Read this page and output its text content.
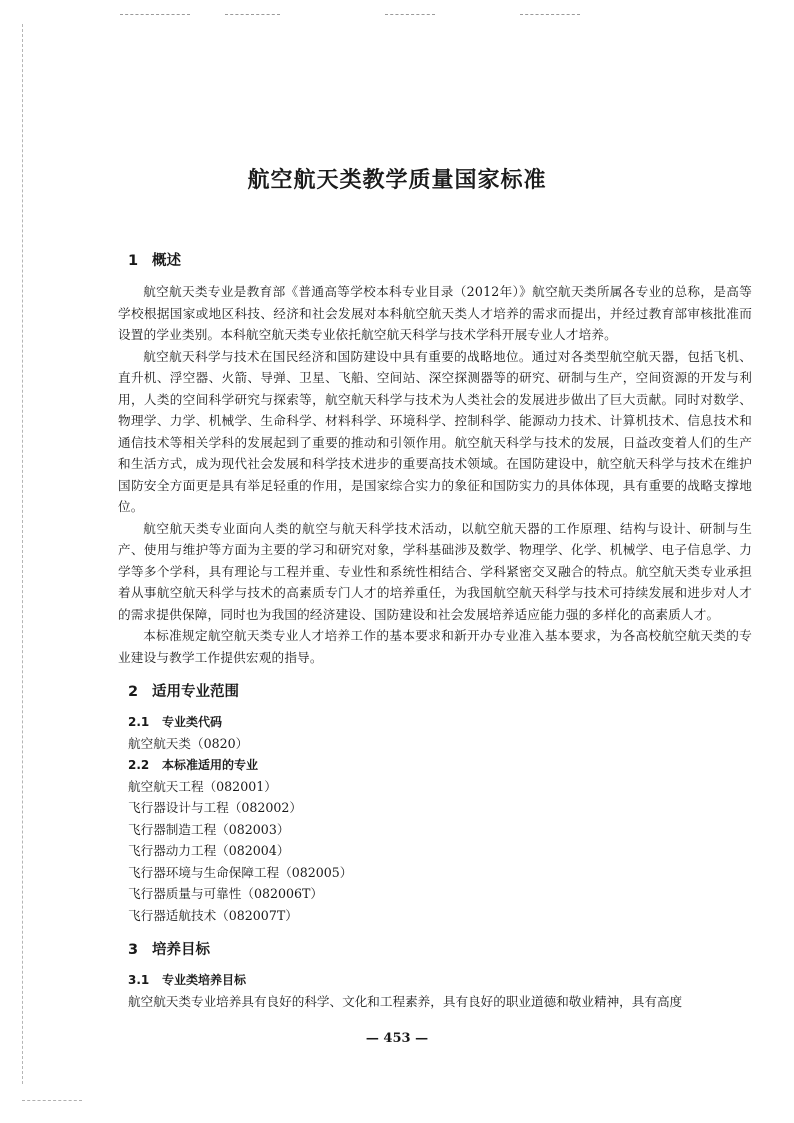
航空航天类教学质量国家标准
1 概述

航空航天类专业是教育部《普通高等学校本科专业目录（2012年）》航空航天类所属各专业的总称，是高等学校根据国家或地区科技、经济和社会发展对本科航空航天类人才培养的需求而提出，并经过教育部审核批准而设置的学业类别。本科航空航天类专业依托航空航天科学与技术学科开展专业人才培养。

航空航天科学与技术在国民经济和国防建设中具有重要的战略地位。通过对各类型航空航天器，包括飞机、直升机、浮空器、火箭、导弹、卫星、飞船、空间站、深空探测器等的研究、研制与生产，空间资源的开发与利用，人类的空间科学研究与探索等，航空航天科学与技术为人类社会的发展进步做出了巨大贡献。同时对数学、物理学、力学、机械学、生命科学、材料科学、环境科学、控制科学、能源动力技术、计算机技术、信息技术和通信技术等相关学科的发展起到了重要的推动和引领作用。航空航天科学与技术的发展，日益改变着人们的生产和生活方式，成为现代社会发展和科学技术进步的重要高技术领域。在国防建设中，航空航天科学与技术在维护国防安全方面更是具有举足轻重的作用，是国家综合实力的象征和国防实力的具体体现，具有重要的战略支撑地位。

航空航天类专业面向人类的航空与航天科学技术活动，以航空航天器的工作原理、结构与设计、研制与生产、使用与维护等方面为主要的学习和研究对象，学科基础涉及数学、物理学、化学、机械学、电子信息学、力学等多个学科，具有理论与工程并重、专业性和系统性相结合、学科紧密交叉融合的特点。航空航天类专业承担着从事航空航天科学与技术的高素质专门人才的培养重任，为我国航空航天科学与技术可持续发展和进步对人才的需求提供保障，同时也为我国的经济建设、国防建设和社会发展培养适应能力强的多样化的高素质人才。

本标准规定航空航天类专业人才培养工作的基本要求和新开办专业准入基本要求，为各高校航空航天类的专业建设与教学工作提供宏观的指导。

2 适用专业范围
2.1 专业类代码

航空航天类（0820）

2.2 本标准适用的专业

航空航天工程（082001）

飞行器设计与工程（082002）

飞行器制造工程（082003）

飞行器动力工程（082004）

飞行器环境与生命保障工程（082005）

飞行器质量与可靠性（082006T）

飞行器适航技术（082007T）

3 培养目标
3.1 专业类培养目标

航空航天类专业培养具有良好的科学、文化和工程素养，具有良好的职业道德和敬业精神，具有高度

— 453 —
